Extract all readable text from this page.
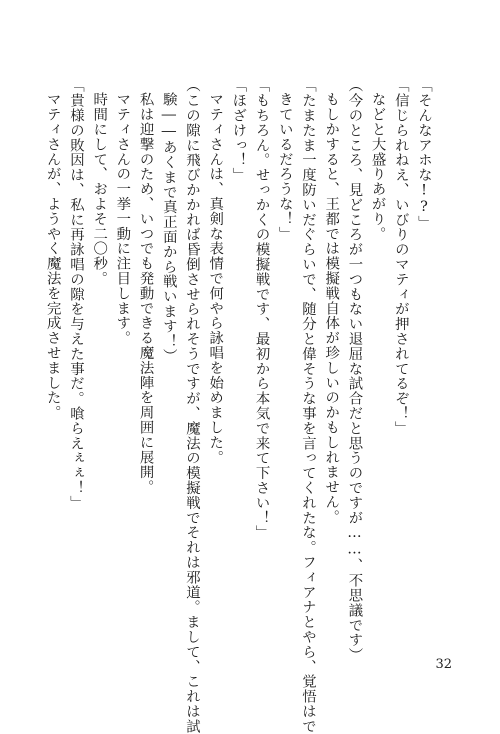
「そんなアホな!?」
「信じられねえ、いびりのマティが押されてるぞ！」
などと大盛りあがり。
（今のところ、見どころが一つもない退屈な試合だと思うのですが……、不思議です）
もしかすると、王都では模擬戦自体が珍しいのかもしれません。
「たまたま一度防いだぐらいで、随分と偉そうな事を言ってくれたな。フィアナとやら、覚悟はで
きているだろうな！」
「もちろん。せっかくの模擬戦です、最初から本気で来て下さい！」
「ほざけっ！」
マティさんは、真剣な表情で何やら詠唱を始めました。
（この隙に飛びかかれば昏倒させられそうですが、魔法の模擬戦でそれは邪道。まして、これは試
験――あくまで真正面から戦います！）
私は迎撃のため、いつでも発動できる魔法陣を周囲に展開。
マティさんの一挙一動に注目します。
時間にして、およそ二〇秒。
「貴様の敗因は、私に再詠唱の隙を与えた事だ。喰らえぇぇ！」
マティさんが、ようやく魔法を完成させました。
32
